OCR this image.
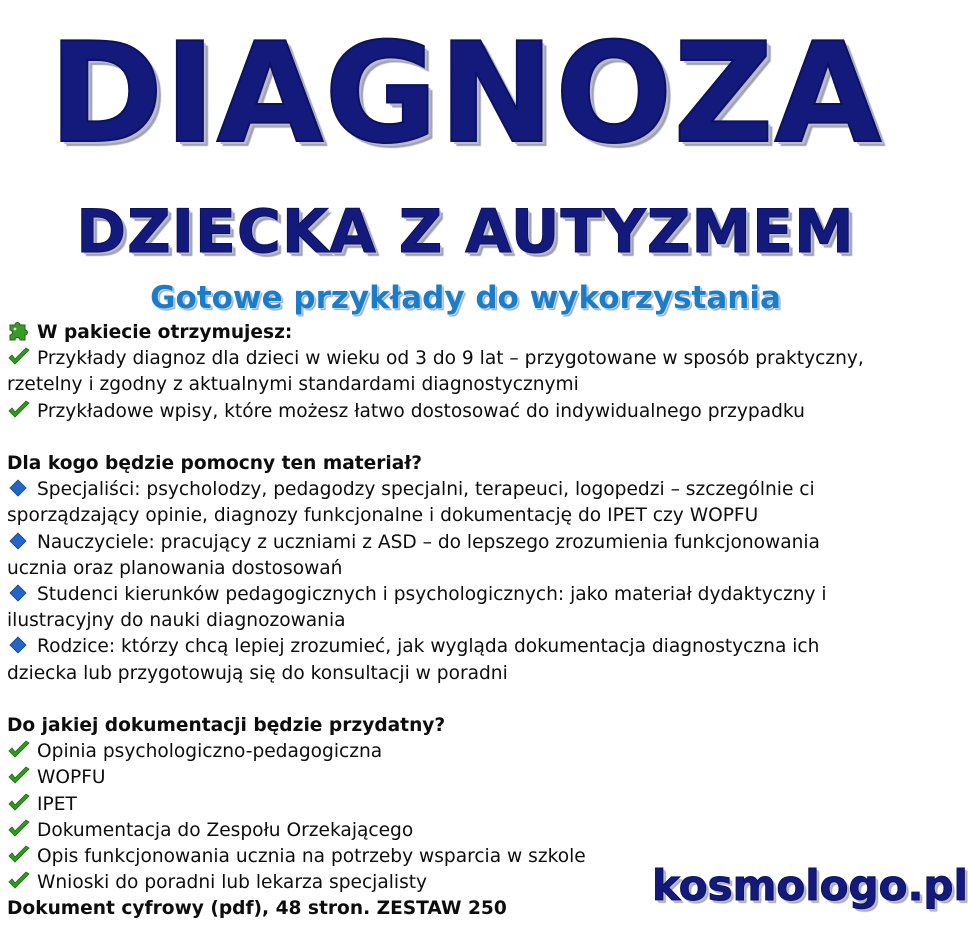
DIAGNOZA
DZIECKA Z AUTYZMEM
Gotowe przykłady do wykorzystania
W pakiecie otrzymujesz:
Przykłady diagnoz dla dzieci w wieku od 3 do 9 lat – przygotowane w sposób praktyczny,
rzetelny i zgodny z aktualnymi standardami diagnostycznymi
Przykładowe wpisy, które możesz łatwo dostosować do indywidualnego przypadku
Dla kogo będzie pomocny ten materiał?
Specjaliści: psycholodzy, pedagodzy specjalni, terapeuci, logopedzi – szczególnie ci
sporządzający opinie, diagnozy funkcjonalne i dokumentację do IPET czy WOPFU
Nauczyciele: pracujący z uczniami z ASD – do lepszego zrozumienia funkcjonowania
ucznia oraz planowania dostosowań
Studenci kierunków pedagogicznych i psychologicznych: jako materiał dydaktyczny i
ilustracyjny do nauki diagnozowania
Rodzice: którzy chcą lepiej zrozumieć, jak wygląda dokumentacja diagnostyczna ich
dziecka lub przygotowują się do konsultacji w poradni
Do jakiej dokumentacji będzie przydatny?
Opinia psychologiczno-pedagogiczna
WOPFU
IPET
Dokumentacja do Zespołu Orzekającego
Opis funkcjonowania ucznia na potrzeby wsparcia w szkole
Wnioski do poradni lub lekarza specjalisty
Dokument cyfrowy (pdf), 48 stron. ZESTAW 250	kosmologo.pl
